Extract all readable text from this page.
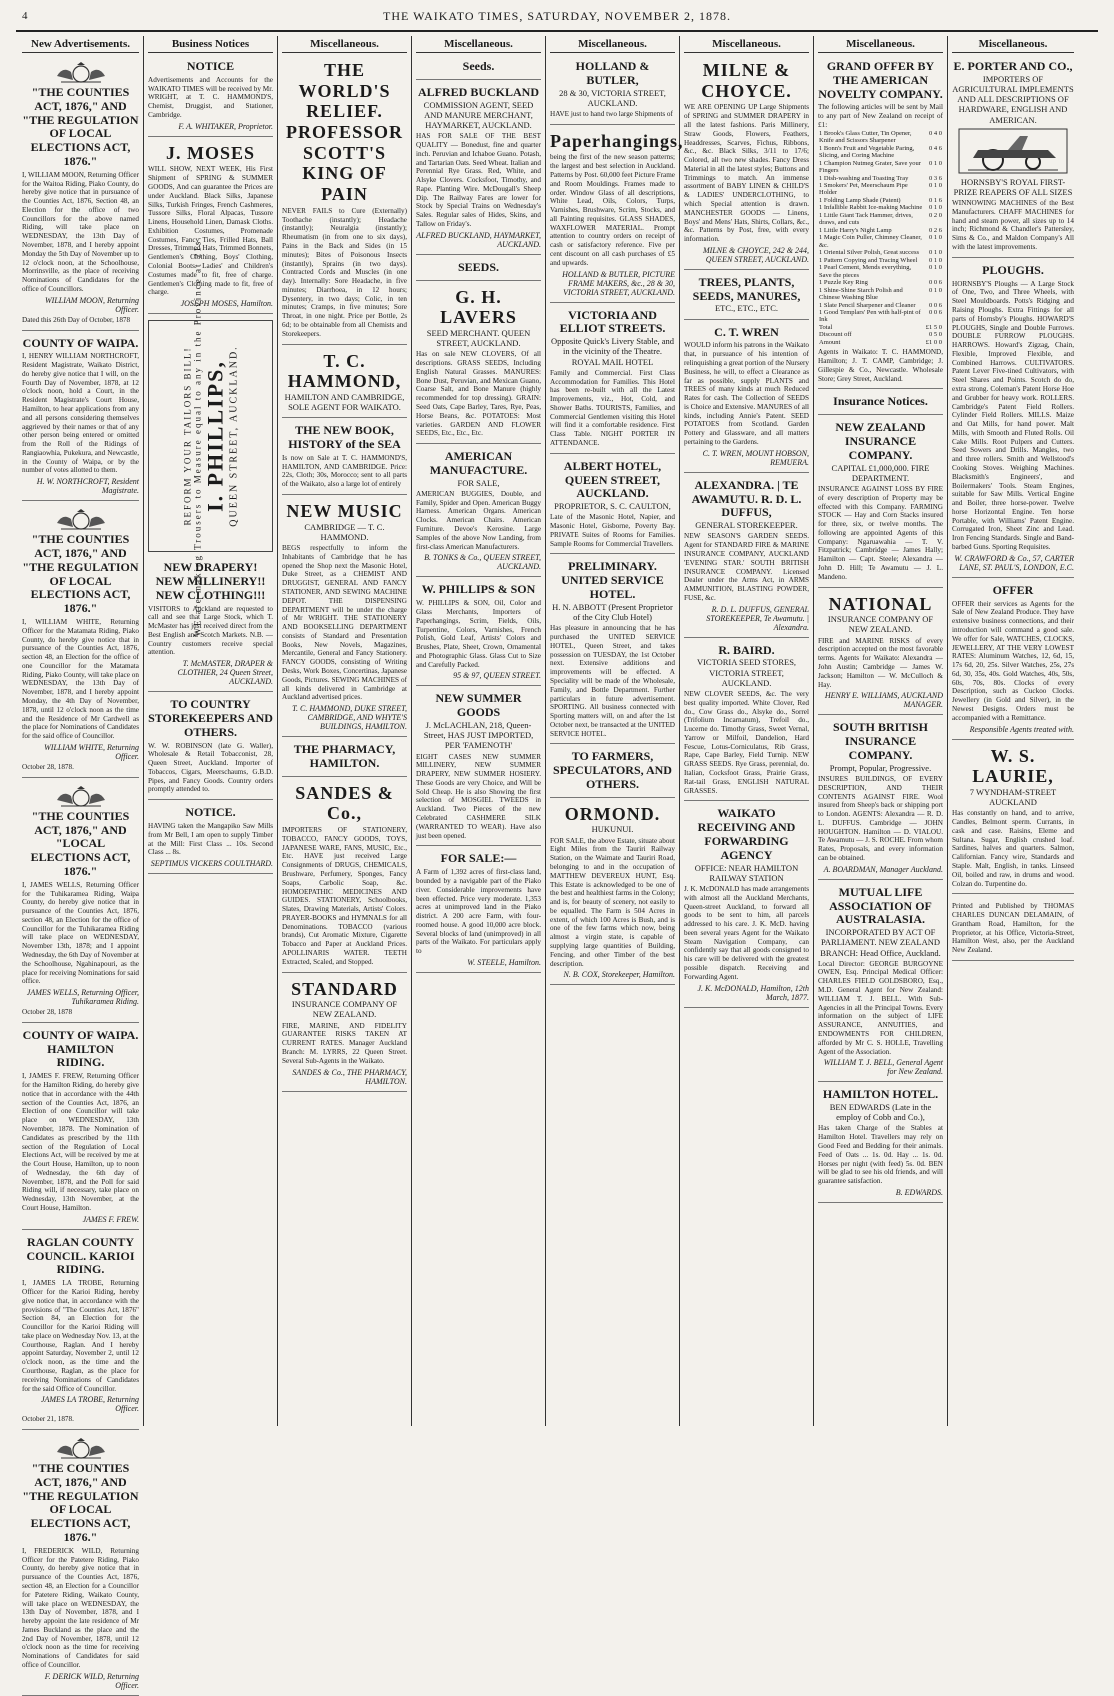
4	THE WAIKATO TIMES, SATURDAY, NOVEMBER 2, 1878.
New Advertisements.
"THE COUNTIES ACT, 1876," AND "THE REGULATION OF LOCAL ELECTIONS ACT, 1876."
I, WILLIAM MOON, Returning Officer for the Waitoa Riding, Piako County, do hereby give notice that in pursuance of the Counties Act, 1876, Section 48, an Election for the office of two Councillors for the above named Riding, will take place on WEDNESDAY, the 13th Day of November, 1878, and I hereby appoint Monday the 5th Day of November up to 12 o'clock noon, at the Schoolhouse, Morrinsville, as the place of receiving Nominations of Candidates for the office of Councillors.
WILLIAM MOON, Returning Officer.
Dated this 26th Day of October, 1878
COUNTY OF WAIPA.
I, HENRY WILLIAM NORTHCROFT, Resident Magistrate, Waikato District, do hereby give notice that I will, on the Fourth Day of November, 1878, at 12 o'clock noon, hold a Court, in the Resident Magistrate's Court House, Hamilton, to hear applications from any and all persons considering themselves aggrieved by their names or that of any other person being entered or omitted from the Roll of the Ridings of Rangiaowhia, Pukekura, and Newcastle, in the County of Waipa, or by the number of votes allotted to them.
H. W. NORTHCROFT, Resident Magistrate.
"THE COUNTIES ACT, 1876," AND "THE REGULATION OF LOCAL ELECTIONS ACT, 1876."
I, WILLIAM WHITE, Returning Officer for the Matamata Riding, Piako County, do hereby give notice that in pursuance of the Counties Act, 1876, section 48, an Election for the office of one Councillor for the Matamata Riding, Piako County, will take place on WEDNESDAY, the 13th Day of November, 1878, and I hereby appoint Monday, the 4th Day of November, 1878, until 12 o'clock noon as the time and the Residence of Mr Cardwell as the place for Nominations of Candidates for the said office of Councillor.
WILLIAM WHITE, Returning Officer.
October 28, 1878.
"THE COUNTIES ACT, 1876," AND "LOCAL ELECTIONS ACT, 1876."
I, JAMES WELLS, Returning Officer for the Tuhikaramea Riding, Waipa County, do hereby give notice that in pursuance of the Counties Act, 1876, section 48, an Election for the office of Councillor for the Tuhikaramea Riding will take place on WEDNESDAY, November 13th, 1878; and I appoint Wednesday, the 6th Day of November at the Schoolhouse, Ngahinapouri, as the place for receiving Nominations for said office.
JAMES WELLS, Returning Officer, Tuhikaramea Riding.
October 28, 1878
COUNTY OF WAIPA. HAMILTON RIDING.
I, JAMES F. FREW, Returning Officer for the Hamilton Riding, do hereby give notice that in accordance with the 44th section of the Counties Act, 1876, an Election of one Councillor will take place on WEDNESDAY, 13th November, 1878. The Nomination of Candidates as prescribed by the 11th section of the Regulation of Local Elections Act, will be received by me at the Court House, Hamilton, up to noon of Wednesday, the 6th day of November, 1878, and the Poll for said Riding will, if necessary, take place on Wednesday, 13th November, at the Court House, Hamilton.
JAMES F. FREW.
RAGLAN COUNTY COUNCIL. KARIOI RIDING.
I, JAMES LA TROBE, Returning Officer for the Karioi Riding, hereby give notice that, in accordance with the provisions of "The Counties Act, 1876" Section 84, an Election for the Councillor for the Karioi Riding will take place on Wednesday Nov. 13, at the Courthouse, Raglan. And I hereby appoint Saturday, November 2, until 12 o'clock noon, as the time and the Courthouse, Raglan, as the place for receiving Nominations of Candidates for the said Office of Councillor.
JAMES LA TROBE, Returning Officer.
October 21, 1878.
"THE COUNTIES ACT, 1876," AND "THE REGULATION OF LOCAL ELECTIONS ACT, 1876."
I, FREDERICK WILD, Returning Officer for the Patetere Riding, Piako County, do hereby give notice that in pursuance of the Counties Act, 1876, section 48, an Election for a Councillor for Patetere Riding, Waikato County, will take place on WEDNESDAY, the 13th Day of November, 1878, and I hereby appoint the late residence of Mr James Buckland as the place and the 2nd Day of November, 1878, until 12 o'clock noon as the time for receiving Nominations of Candidates for said office of Councillor.
F. DERICK WILD, Returning Officer.
Business Notices
NOTICE
Advertisements and Accounts for the WAIKATO TIMES will be received by Mr. WRIGHT, at T. C. HAMMOND'S, Chemist, Druggist, and Stationer, Cambridge.
F. A. WHITAKER, Proprietor.
J. MOSES
WILL SHOW, NEXT WEEK, His First Shipment of SPRING & SUMMER GOODS, And can guarantee the Prices are under Auckland. Black Silks, Japanese Silks, Turkish Fringes, French Cashmeres, Tussore Silks, Floral Alpacas, Tussore Linens, Household Linen, Damask Cloths. Exhibition Costumes, Promenade Costumes, Fancy Ties, Frilled Hats, Ball Dresses, Trimmed Hats, Trimmed Bonnets, Gentlemen's Clothing, Boys' Clothing, Colonial Boots. Ladies' and Children's Costumes made to fit, free of charge. Gentlemen's Clothing made to fit, free of charge.
JOSEPH MOSES, Hamilton.
REFORM YOUR TAILORS BILL! WE are making Trousers to Measure equal to any in the Province at 21s. I. PHILLIPS, QUEEN STREET, AUCKLAND.
NEW DRAPERY! NEW MILLINERY!! NEW CLOTHING!!!
VISITORS to Auckland are requested to call and see that Large Stock, which T. McMaster has just received direct from the Best English and Scotch Markets. N.B. — Country customers receive special attention.
T. McMASTER, DRAPER & CLOTHIER, 24 Queen Street, AUCKLAND.
TO COUNTRY STOREKEEPERS AND OTHERS.
W. W. ROBINSON (late G. Waller), Wholesale & Retail Tobacconist, 28, Queen Street, Auckland. Importer of Tobaccos, Cigars, Meerschaums, G.B.D. Pipes, and Fancy Goods. Country orders promptly attended to.
NOTICE.
HAVING taken the Mangapiko Saw Mills from Mr Bell, I am open to supply Timber at the Mill: First Class ... 10s. Second Class ... 8s.
SEPTIMUS VICKERS COULTHARD.
Miscellaneous.
THE WORLD'S RELIEF. PROFESSOR SCOTT'S KING OF PAIN
NEVER FAILS to Cure (Externally) Toothache (instantly); Headache (instantly); Neuralgia (instantly); Rheumatism (in from one to six days), Pains in the Back and Sides (in 15 minutes); Bites of Poisonous Insects (instantly), Sprains (in two days). Contracted Cords and Muscles (in one day). Internally: Sore Headache, in five minutes; Diarrhoea, in 12 hours; Dysentery, in two days; Colic, in ten minutes; Cramps, in five minutes; Sore Throat, in one night. Price per Bottle, 2s 6d; to be obtainable from all Chemists and Storekeepers.
T. C. HAMMOND,
HAMILTON AND CAMBRIDGE, SOLE AGENT FOR WAIKATO.
THE NEW BOOK, HISTORY of the SEA
Is now on Sale at T. C. HAMMOND'S, HAMILTON, AND CAMBRIDGE. Price: 22s, Cloth; 30s, Morocco; sent to all parts of the Waikato, also a large lot of entirely
NEW MUSIC
CAMBRIDGE — T. C. HAMMOND.
BEGS respectfully to inform the Inhabitants of Cambridge that he has opened the Shop next the Masonic Hotel, Duke Street, as a CHEMIST AND DRUGGIST, GENERAL AND FANCY STATIONER, AND SEWING MACHINE DEPOT. THE DISPENSING DEPARTMENT will be under the charge of Mr WRIGHT. THE STATIONERY AND BOOKSELLING DEPARTMENT consists of Standard and Presentation Books, New Novels, Magazines, Mercantile, General and Fancy Stationery. FANCY GOODS, consisting of Writing Desks, Work Boxes, Concertinas, Japanese Goods, Pictures. SEWING MACHINES of all kinds delivered in Cambridge at Auckland advertised prices.
T. C. HAMMOND, DUKE STREET, CAMBRIDGE, AND WHYTE'S BUILDINGS, HAMILTON.
THE PHARMACY, HAMILTON.
SANDES & Co.,
IMPORTERS OF STATIONERY, TOBACCO, FANCY GOODS, TOYS, JAPANESE WARE, FANS, MUSIC, Etc., Etc. HAVE just received Large Consignments of DRUGS, CHEMICALS, Brushware, Perfumery, Sponges, Fancy Soaps, Carbolic Soap, &c. HOMOEPATHIC MEDICINES AND GUIDES. STATIONERY, Schoolbooks, Slates, Drawing Materials, Artists' Colors. PRAYER-BOOKS and HYMNALS for all Denominations. TOBACCO (various brands), Cut Aromatic Mixture, Cigarette Tobacco and Paper at Auckland Prices. APOLLINARIS WATER. TEETH Extracted, Scaled, and Stopped.
STANDARD
INSURANCE COMPANY OF NEW ZEALAND.
FIRE, MARINE, AND FIDELITY GUARANTEE RISKS TAKEN AT CURRENT RATES. Manager Auckland Branch: M. LYRRS, 22 Queen Street. Several Sub-Agents in the Waikato.
SANDES & Co., THE PHARMACY, HAMILTON.
Miscellaneous.
Seeds.
ALFRED BUCKLAND
COMMISSION AGENT, SEED AND MANURE MERCHANT, HAYMARKET, AUCKLAND.
HAS FOR SALE OF THE BEST QUALITY — Bonedust, fine and quarter inch. Peruvian and Ichaboe Guano. Potash, and Tartarian Oats. Seed Wheat. Italian and Perennial Rye Grass. Red, White, and Alsyke Clovers. Cocksfoot, Timothy, and Rape. Planting Wire. McDougall's Sheep Dip. The Railway Fares are lower for Stock by Special Trains on Wednesday's Sales. Regular sales of Hides, Skins, and Tallow on Friday's.
ALFRED BUCKLAND, HAYMARKET, AUCKLAND.
SEEDS.
G. H. LAVERS
SEED MERCHANT. QUEEN STREET, AUCKLAND.
Has on sale NEW CLOVERS, Of all descriptions. GRASS SEEDS, Including English Natural Grasses. MANURES: Bone Dust, Peruvian, and Mexican Guano, Coarse Salt, and Bone Manure (highly recommended for top dressing). GRAIN: Seed Oats, Cape Barley, Tares, Rye, Peas, Horse Beans, &c. POTATOES: Most varieties. GARDEN AND FLOWER SEEDS, Etc., Etc., Etc.
AMERICAN MANUFACTURE.
FOR SALE,
AMERICAN BUGGIES, Double, and Family, Spider and Open. American Buggy Harness. American Organs. American Clocks. American Chairs. American Furniture. Devoe's Kerosine. Large Samples of the above Now Landing, from first-class American Manufacturers.
B. TONKS & Co., QUEEN STREET, AUCKLAND.
W. PHILLIPS & SON
W. PHILLIPS & SON, Oil, Color and Glass Merchants, Importers of Paperhangings, Scrim, Fields, Oils, Turpentine, Colors, Varnishes, French Polish, Gold Leaf, Artists' Colors and Brushes, Plate, Sheet, Crown, Ornamental and Photographic Glass. Glass Cut to Size and Carefully Packed.
95 & 97, QUEEN STREET.
NEW SUMMER GOODS
J. McLACHLAN, 218, Queen-Street, HAS JUST IMPORTED, PER 'FAMENOTH'
EIGHT CASES NEW SUMMER MILLINERY, NEW SUMMER DRAPERY, NEW SUMMER HOSIERY. These Goods are very Choice, and Will be Sold Cheap. He is also Showing the first selection of MOSGIEL TWEEDS in Auckland. Two Pieces of the new Celebrated CASHMERE SILK (WARRANTED TO WEAR). Have also just been opened.
FOR SALE:—
A Farm of 1,392 acres of first-class land, bounded by a navigable part of the Piako river. Considerable improvements have been effected. Price very moderate. 1,353 acres at unimproved land in the Piako district. A 200 acre Farm, with four-roomed house. A good 10,000 acre block. Several blocks of land (unimproved) in all parts of the Waikato. For particulars apply to
W. STEELE, Hamilton.
Miscellaneous.
HOLLAND & BUTLER,
28 & 30, VICTORIA STREET, AUCKLAND.
HAVE just to hand two large Shipments of
Paperhangings,
being the first of the new season patterns; the largest and best selection in Auckland. Patterns by Post. 60,000 feet Picture Frame and Room Mouldings. Frames made to order. Window Glass of all descriptions, White Lead, Oils, Colors, Turps, Varnishes, Brushware, Scrim, Stocks, and all Painting requisites. GLASS SHADES, WAXFLOWER MATERIAL. Prompt attention to country orders on receipt of cash or satisfactory reference. Five per cent discount on all cash purchases of £5 and upwards.
HOLLAND & BUTLER, PICTURE FRAME MAKERS, &c., 28 & 30, VICTORIA STREET, AUCKLAND.
VICTORIA AND ELLIOT STREETS.
Opposite Quick's Livery Stable, and in the vicinity of the Theatre. ROYAL MAIL HOTEL
Family and Commercial. First Class Accommodation for Families. This Hotel has been re-built with all the Latest Improvements, viz., Hot, Cold, and Shower Baths. TOURISTS, Families, and Commercial Gentlemen visiting this Hotel will find it a comfortable residence. First Class Table. NIGHT PORTER IN ATTENDANCE.
ALBERT HOTEL, QUEEN STREET, AUCKLAND.
PROPRIETOR, S. C. CAULTON,
Late of the Masonic Hotel, Napier, and Masonic Hotel, Gisborne, Poverty Bay. PRIVATE Suites of Rooms for Families. Sample Rooms for Commercial Travellers.
PRELIMINARY. UNITED SERVICE HOTEL.
H. N. ABBOTT (Present Proprietor of the City Club Hotel)
Has pleasure in announcing that he has purchased the UNITED SERVICE HOTEL, Queen Street, and takes possession on TUESDAY, the 1st October next. Extensive additions and improvements will be effected. A Speciality will be made of the Wholesale, Family, and Bottle Department. Further particulars in future advertisement. SPORTING. All business connected with Sporting matters will, on and after the 1st October next, be transacted at the UNITED SERVICE HOTEL.
TO FARMERS, SPECULATORS, AND OTHERS.
ORMOND.
HUKUNUI.
FOR SALE, the above Estate, situate about Eight Miles from the Tauriri Railway Station, on the Waimate and Tauriri Road, belonging to and in the occupation of MATTHEW DEVEREUX HUNT, Esq. This Estate is acknowledged to be one of the best and healthiest farms in the Colony; and is, for beauty of scenery, not easily to be equalled. The Farm is 504 Acres in extent, of which 100 Acres is Bush, and is one of the few farms which now, being almost a virgin state, is capable of supplying large quantities of Building, Fencing, and other Timber of the best description.
N. B. COX, Storekeeper, Hamilton.
Miscellaneous.
MILNE & CHOYCE.
WE ARE OPENING UP Large Shipments of SPRING and SUMMER DRAPERY in all the latest fashions. Paris Millinery, Straw Goods, Flowers, Feathers, Headdresses, Scarves, Fichus, Ribbons, &c., &c. Black Silks, 3/11 to 17/6; Colored, all two new shades. Fancy Dress Material in all the latest styles; Buttons and Trimmings to match. An immense assortment of BABY LINEN & CHILD'S & LADIES' UNDERCLOTHING, to which Special attention is drawn. MANCHESTER GOODS — Linens, Boys' and Mens' Hats, Shirts, Collars, &c., &c. Patterns by Post, free, with every information.
MILNE & CHOYCE, 242 & 244, QUEEN STREET, AUCKLAND.
TREES, PLANTS, SEEDS, MANURES,
ETC., ETC., ETC.
C. T. WREN
WOULD inform his patrons in the Waikato that, in pursuance of his intention of relinquishing a great portion of the Nursery Business, he will, to effect a Clearance as far as possible, supply PLANTS and TREES of many kinds at much Reduced Rates for cash. The Collection of SEEDS is Choice and Extensive. MANURES of all kinds, including Annie's Patent. SEED POTATOES from Scotland. Garden Pottery and Glassware, and all matters pertaining to the Gardens.
C. T. WREN, MOUNT HOBSON, REMUERA.
ALEXANDRA. | TE AWAMUTU. R. D. L. DUFFUS,
GENERAL STOREKEEPER.
NEW SEASON'S GARDEN SEEDS. Agent for STANDARD FIRE & MARINE INSURANCE COMPANY, AUCKLAND 'EVENING STAR.' SOUTH BRITISH INSURANCE COMPANY. Licensed Dealer under the Arms Act, in ARMS AMMUNITION, BLASTING POWDER, FUSE, &c.
R. D. L. DUFFUS, GENERAL STOREKEEPER, Te Awamutu. | Alexandra.
R. BAIRD.
VICTORIA SEED STORES, VICTORIA STREET, AUCKLAND.
NEW CLOVER SEEDS, &c. The very best quality imported. White Clover, Red do., Cow Grass do., Alsyke do., Sorrel (Trifolium Incarnatum), Trefoil do., Lucerne do. Timothy Grass, Sweet Vernal, Yarrow or Milfoil, Dandelion, Hard Fescue, Lotus-Corniculatus, Rib Grass, Rape, Cape Barley, Field Turnip. NEW GRASS SEEDS. Rye Grass, perennial, do. Italian, Cocksfoot Grass, Prairie Grass, Rat-tail Grass, ENGLISH NATURAL GRASSES.
WAIKATO RECEIVING AND FORWARDING AGENCY
OFFICE: NEAR HAMILTON RAILWAY STATION
J. K. McDONALD has made arrangements with almost all the Auckland Merchants, Queen-street Auckland, to forward all goods to be sent to him, all parcels addressed to his care. J. K. McD. having been several years Agent for the Waikato Steam Navigation Company, can confidently say that all goods consigned to his care will be delivered with the greatest possible dispatch. Receiving and Forwarding Agent.
J. K. McDONALD, Hamilton, 12th March, 1877.
Miscellaneous.
GRAND OFFER BY THE AMERICAN NOVELTY COMPANY.
The following articles will be sent by Mail to any part of New Zealand on receipt of £1:
1 Brook's Glass Cutter, Tin Opener, Knife and Scissors Sharpener	0 4 0
1 Bonn's Fruit and Vegetable Paring, Slicing, and Coring Machine	0 4 6
1 Champion Nutmeg Grater, Save your Fingers	0 1 0
1 Dish-washing and Toasting Tray	0 3 6
1 Smokers' Pet, Meerschaum Pipe Holder	0 1 0
1 Folding Lamp Shade (Patent)	0 1 6
1 Infallible Rabbit Ice-making Machine	0 1 0
1 Little Giant Tack Hammer, drives, draws, and cuts	0 2 0
1 Little Harry's Night Lamp	0 2 6
1 Magic Coin Puller, Chimney Cleaner, &c.	0 1 0
1 Oriental Silver Polish, Great success	0 1 0
1 Pattern Copying and Tracing Wheel	0 1 0
1 Pearl Cement, Mends everything, Save the pieces	0 1 0
1 Puzzle Key Ring	0 0 6
1 Shine-Shine Starch Polish and Chinese Washing Blue	0 1 0
1 Slate Pencil Sharpener and Cleaner	0 0 6
1 Good Templars' Pen with half-pint of Ink	0 0 6
Total	£1 5 0
Discount off	0 5 0
Amount	£1 0 0
Agents in Waikato: T. C. HAMMOND, Hamilton; J. T. CAMP, Cambridge; J. Gillespie & Co., Newcastle. Wholesale Store; Grey Street, Auckland.
Insurance Notices.
NEW ZEALAND INSURANCE COMPANY.
CAPITAL £1,000,000. FIRE DEPARTMENT.
INSURANCE AGAINST LOSS BY FIRE of every description of Property may be effected with this Company. FARMING STOCK — Hay and Corn Stacks insured for three, six, or twelve months. The following are appointed Agents of this Company: Ngaruawahia — T. V. Fitzpatrick; Cambridge — James Hally; Hamilton — Capt. Steele; Alexandra — John D. Hill; Te Awamutu — J. L. Mandeno.
NATIONAL
INSURANCE COMPANY OF NEW ZEALAND.
FIRE and MARINE RISKS of every description accepted on the most favorable terms. Agents for Waikato: Alexandra — John Austin; Cambridge — James W. Jackson; Hamilton — W. McCulloch & Hay.
HENRY E. WILLIAMS, AUCKLAND MANAGER.
SOUTH BRITISH INSURANCE COMPANY.
Prompt, Popular, Progressive.
INSURES BUILDINGS, OF EVERY DESCRIPTION, AND THEIR CONTENTS AGAINST FIRE. Wool insured from Sheep's back or shipping port to London. AGENTS: Alexandra — R. D. L. DUFFUS. Cambridge — JOHN HOUGHTON. Hamilton — D. VIALOU. Te Awamutu — J. S. ROCHE. From whom Rates, Proposals, and every information can be obtained.
A. BOARDMAN, Manager Auckland.
MUTUAL LIFE ASSOCIATION OF AUSTRALASIA.
INCORPORATED BY ACT OF PARLIAMENT. NEW ZEALAND BRANCH: Head Office, Auckland.
Local Director: GEORGE BURGOYNE OWEN, Esq. Principal Medical Officer: CHARLES FIELD GOLDSBORO, Esq., M.D. General Agent for New Zealand: WILLIAM T. J. BELL. With Sub-Agencies in all the Principal Towns. Every information on the subject of LIFE ASSURANCE, ANNUITIES, and ENDOWMENTS FOR CHILDREN, afforded by Mr C. S. HOLLE, Travelling Agent of the Association.
WILLIAM T. J. BELL, General Agent for New Zealand.
HAMILTON HOTEL.
BEN EDWARDS (Late in the employ of Cobb and Co.),
Has taken Charge of the Stables at Hamilton Hotel. Travellers may rely on Good Feed and Bedding for their animals. Feed of Oats ... 1s. 0d. Hay ... 1s. 0d. Horses per night (with feed) 5s. 0d. BEN will be glad to see his old friends, and will guarantee satisfaction.
B. EDWARDS.
Miscellaneous.
E. PORTER AND CO.,
IMPORTERS OF AGRICULTURAL IMPLEMENTS AND ALL DESCRIPTIONS OF HARDWARE, ENGLISH AND AMERICAN.
HORNSBY'S ROYAL FIRST-PRIZE REAPERS OF ALL SIZES
WINNOWING MACHINES of the Best Manufacturers. CHAFF MACHINES for hand and steam power, all sizes up to 14 inch; Richmond & Chandler's Pattersley, Sims & Co., and Maldon Company's All with the latest improvements.
PLOUGHS.
HORNSBY'S Ploughs — A Large Stock of One, Two, and Three Wheels, with Steel Mouldboards. Potts's Ridging and Raising Ploughs. Extra Fittings for all parts of Hornsby's Ploughs. HOWARD'S PLOUGHS, Single and Double Furrows. DOUBLE FURROW PLOUGHS. HARROWS. Howard's Zigzag, Chain, Flexible, Improved Flexible, and Combined Harrows. CULTIVATORS. Patent Lever Five-tined Cultivators, with Steel Shares and Points. Scotch do do, extra strong. Coleman's Patent Horse Hoe and Grubber for heavy work. ROLLERS. Cambridge's Patent Field Rollers. Cylinder Field Rollers. MILLS. Maize and Oat Mills, for hand power. Malt Mills, with Smooth and Fluted Rolls. Oil Cake Mills. Root Pulpers and Cutters. Seed Sowers and Drills. Mangles, two and three rollers. Smith and Wellstood's Cooking Stoves. Weighing Machines. Blacksmith's Engineers', and Boilermakers' Tools. Steam Engines, suitable for Saw Mills. Vertical Engine and Boiler, three horse-power. Twelve horse Horizontal Engine. Ten horse Portable, with Williams' Patent Engine. Corrugated Iron, Sheet Zinc and Lead. Iron Fencing Standards. Single and Band-barbed Guns. Sporting Requisites.
W. CRAWFORD & Co., 57, CARTER LANE, ST. PAUL'S, LONDON, E.C.
OFFER
OFFER their services as Agents for the Sale of New Zealand Produce. They have extensive business connections, and their introduction will command a good sale. We offer for Sale, WATCHES, CLOCKS, JEWELLERY, AT THE VERY LOWEST RATES: Aluminum Watches, 12, 6d, 15, 17s 6d, 20, 25s. Silver Watches, 25s, 27s 6d, 30, 35s, 40s. Gold Watches, 40s, 50s, 60s, 70s, 80s. Clocks of every Description, such as Cuckoo Clocks. Jewellery (in Gold and Silver), in the Newest Designs. Orders must be accompanied with a Remittance.
Responsible Agents treated with.
W. S. LAURIE,
7 WYNDHAM-STREET AUCKLAND
Has constantly on hand, and to arrive, Candles, Belmont sperm. Currants, in cask and case. Raisins, Eleme and Sultana. Sugar, English crushed loaf. Sardines, halves and quarters. Salmon, Californian. Fancy wire, Standards and Staple. Malt, English, in tanks. Linseed Oil, boiled and raw, in drums and wood. Colzan do. Turpentine do.
Printed and Published by THOMAS CHARLES DUNCAN DELAMAIN, of Grantham Road, Hamilton, for the Proprietor, at his Office, Victoria-Street, Hamilton West, also, per the Auckland New Zealand.
